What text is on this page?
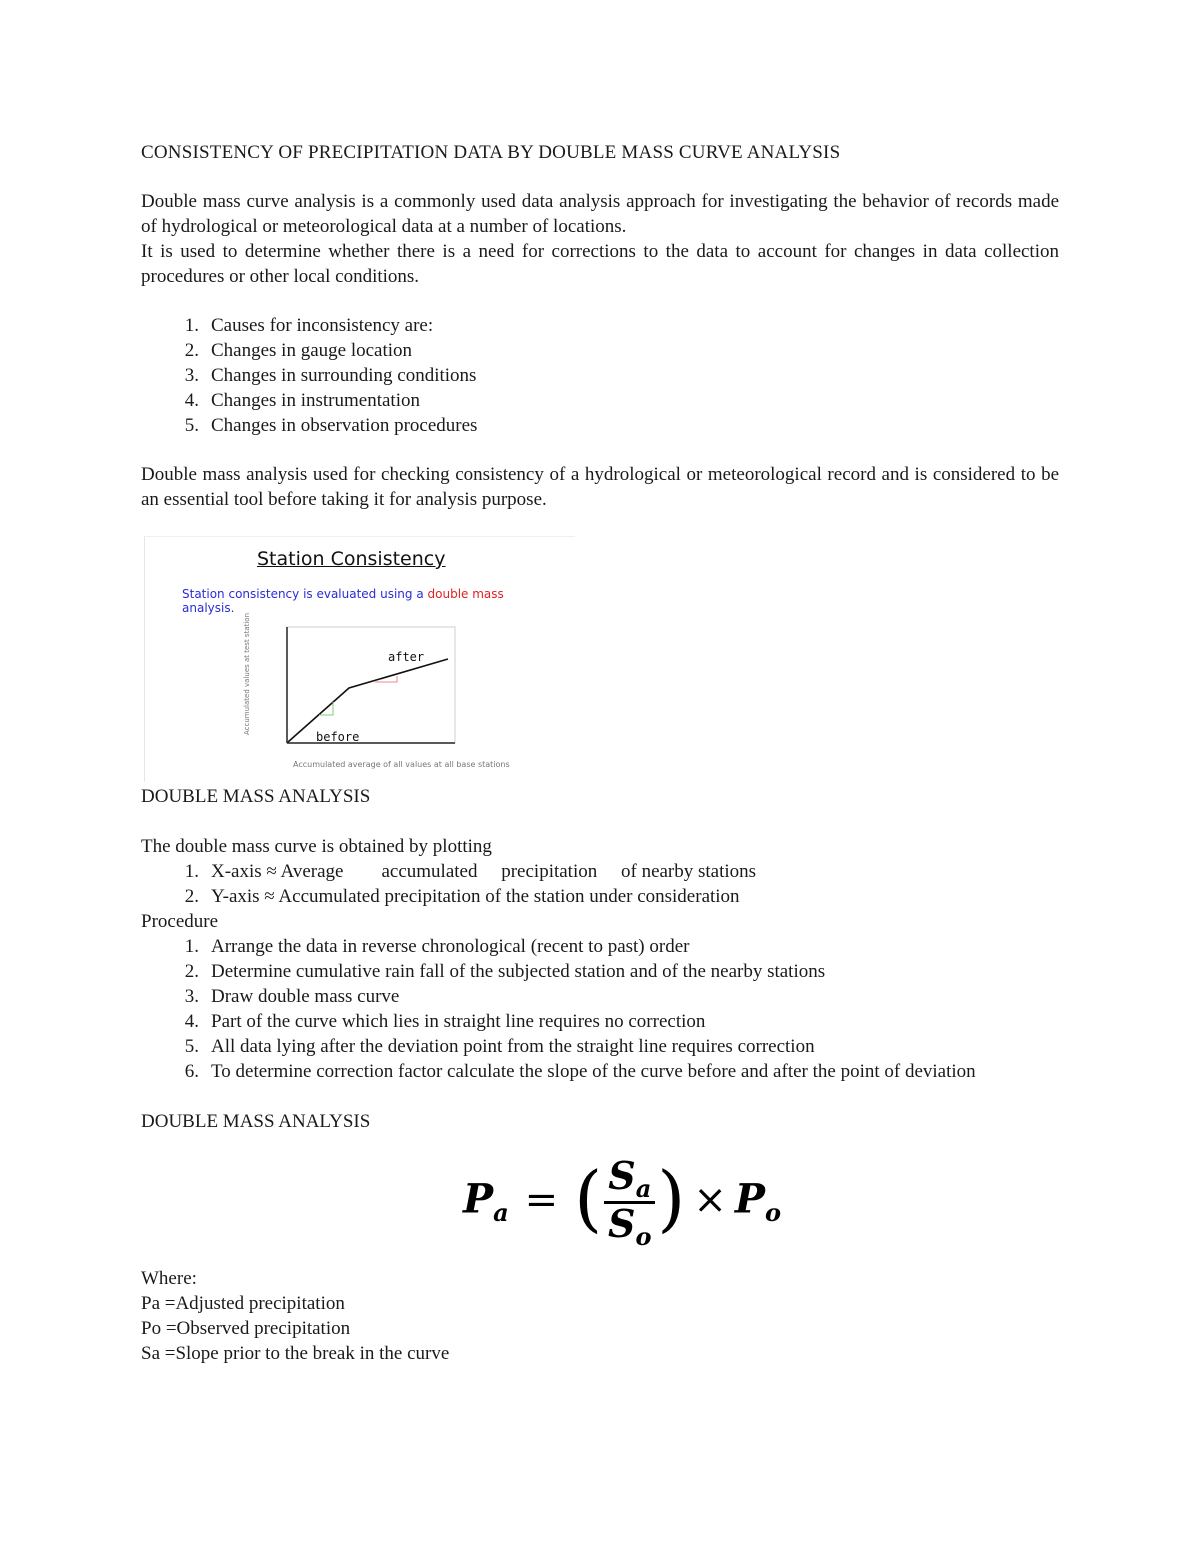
CONSISTENCY OF PRECIPITATION DATA BY DOUBLE MASS CURVE ANALYSIS

Double mass curve analysis is a commonly used data analysis approach for investigating the behavior of records made of hydrological or meteorological data at a number of locations.

It is used to determine whether there is a need for corrections to the data to account for changes in data collection procedures or other local conditions.

1. Causes for inconsistency are:
2. Changes in gauge location
3. Changes in surrounding conditions
4. Changes in instrumentation
5. Changes in observation procedures

Double mass analysis used for checking consistency of a hydrological or meteorological record and is considered to be an essential tool before taking it for analysis purpose.

Station Consistency
Station consistency is evaluated using a double mass
analysis.
after
before
Accumulated average of all values at all base stations
Accumulated values at test station

DOUBLE MASS ANALYSIS

The double mass curve is obtained by plotting

1. X-axis ≈ Average        accumulated     precipitation     of nearby stations
2. Y-axis ≈ Accumulated precipitation of the station under consideration

Procedure

1. Arrange the data in reverse chronological (recent to past) order
2. Determine cumulative rain fall of the subjected station and of the nearby stations
3. Draw double mass curve
4. Part of the curve which lies in straight line requires no correction
5. All data lying after the deviation point from the straight line requires correction
6. To determine correction factor calculate the slope of the curve before and after the point of deviation

DOUBLE MASS ANALYSIS

$P_a$ = ( $\frac{S_a}{S_o}$ ) × $P_o$

Where:

Pa =Adjusted precipitation

Po =Observed precipitation

Sa =Slope prior to the break in the curve
